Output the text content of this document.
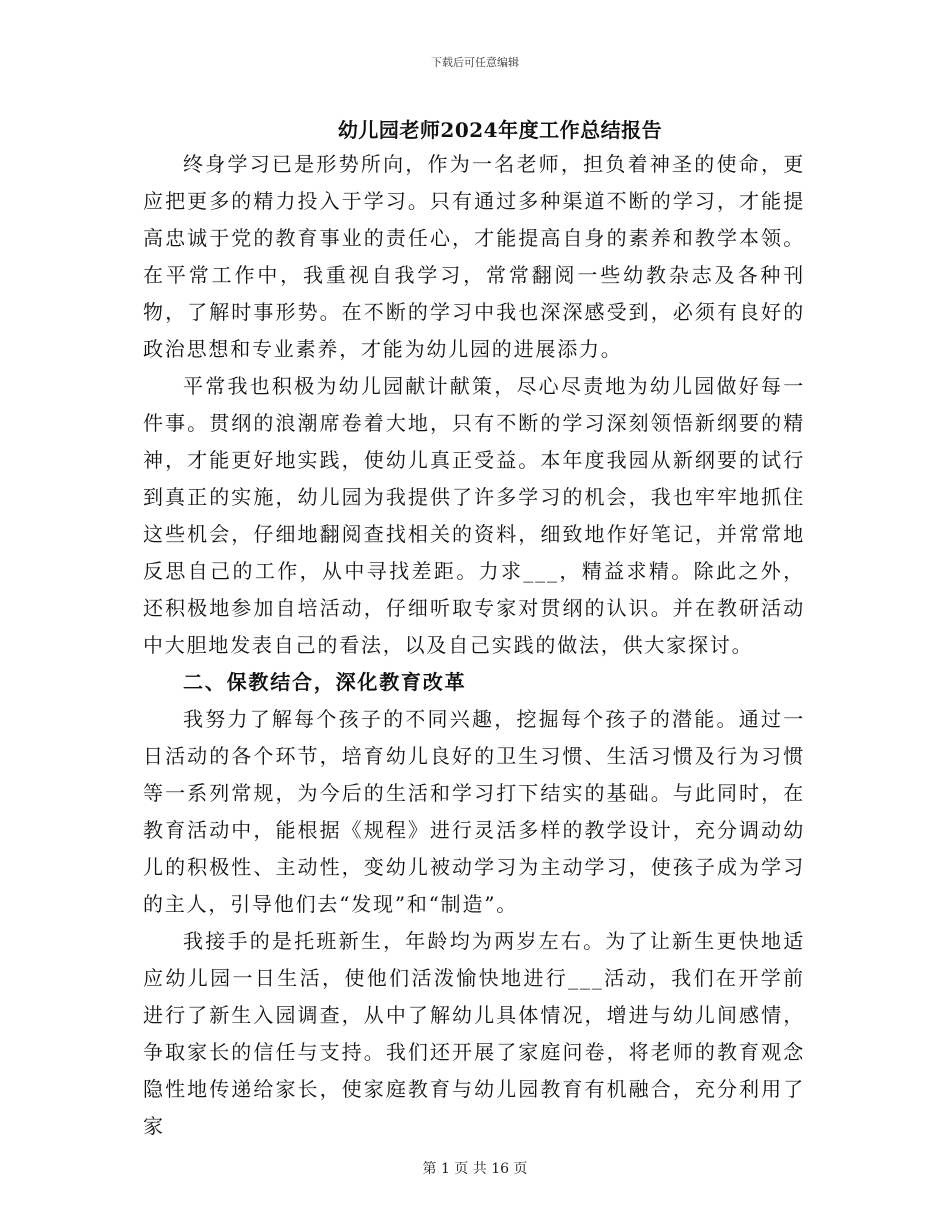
下载后可任意编辑
幼儿园老师2024年度工作总结报告

终身学习已是形势所向，作为一名老师，担负着神圣的使命，更应把更多的精力投入于学习。只有通过多种渠道不断的学习，才能提高忠诚于党的教育事业的责任心，才能提高自身的素养和教学本领。在平常工作中，我重视自我学习，常常翻阅一些幼教杂志及各种刊物，了解时事形势。在不断的学习中我也深深感受到，必须有良好的政治思想和专业素养，才能为幼儿园的进展添力。

平常我也积极为幼儿园献计献策，尽心尽责地为幼儿园做好每一件事。贯纲的浪潮席卷着大地，只有不断的学习深刻领悟新纲要的精神，才能更好地实践，使幼儿真正受益。本年度我园从新纲要的试行到真正的实施，幼儿园为我提供了许多学习的机会，我也牢牢地抓住这些机会，仔细地翻阅查找相关的资料，细致地作好笔记，并常常地反思自己的工作，从中寻找差距。力求___，精益求精。除此之外，还积极地参加自培活动，仔细听取专家对贯纲的认识。并在教研活动中大胆地发表自己的看法，以及自己实践的做法，供大家探讨。

二、保教结合，深化教育改革

我努力了解每个孩子的不同兴趣，挖掘每个孩子的潜能。通过一日活动的各个环节，培育幼儿良好的卫生习惯、生活习惯及行为习惯等一系列常规，为今后的生活和学习打下结实的基础。与此同时，在教育活动中，能根据《规程》进行灵活多样的教学设计，充分调动幼儿的积极性、主动性，变幼儿被动学习为主动学习，使孩子成为学习的主人，引导他们去“发现”和“制造”。

我接手的是托班新生，年龄均为两岁左右。为了让新生更快地适应幼儿园一日生活，使他们活泼愉快地进行___活动，我们在开学前进行了新生入园调查，从中了解幼儿具体情况，增进与幼儿间感情，争取家长的信任与支持。我们还开展了家庭问卷，将老师的教育观念隐性地传递给家长，使家庭教育与幼儿园教育有机融合，充分利用了家

第 1 页 共 16 页
